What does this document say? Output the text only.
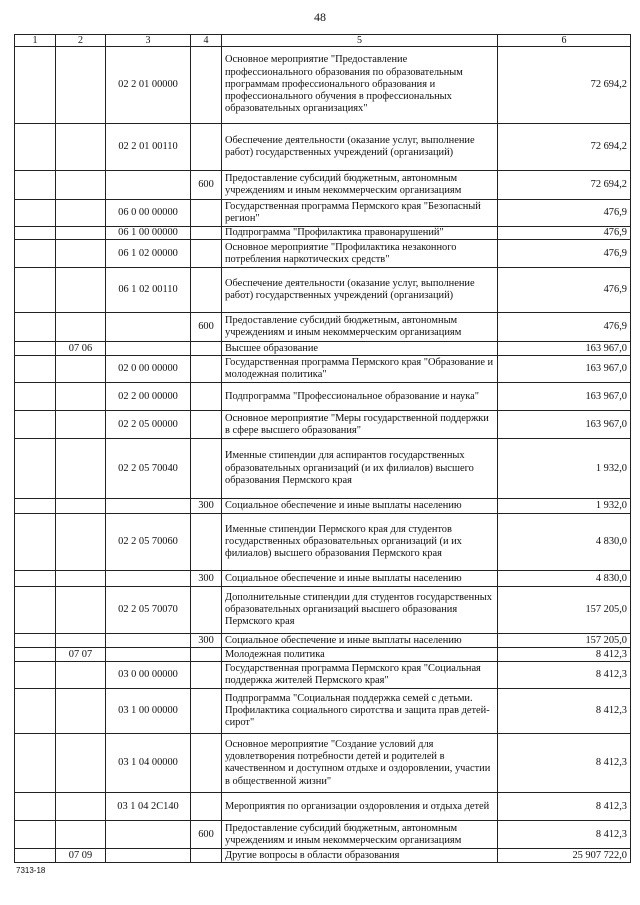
48
1	2	3	4	5	6
		02 2 01 00000		Основное мероприятие "Предоставление профессионального образования по образовательным программам профессионального образования и профессионального обучения в профессиональных образовательных организациях"	72 694,2
		02 2 01 00110		Обеспечение деятельности (оказание услуг, выполнение работ) государственных учреждений (организаций)	72 694,2
			600	Предоставление субсидий бюджетным, автономным учреждениям и иным некоммерческим организациям	72 694,2
		06 0 00 00000		Государственная программа Пермского края "Безопасный регион"	476,9
		06 1 00 00000		Подпрограмма "Профилактика правонарушений"	476,9
		06 1 02 00000		Основное мероприятие "Профилактика незаконного потребления наркотических средств"	476,9
		06 1 02 00110		Обеспечение деятельности (оказание услуг, выполнение работ) государственных учреждений (организаций)	476,9
			600	Предоставление субсидий бюджетным, автономным учреждениям и иным некоммерческим организациям	476,9
	07 06			Высшее образование	163 967,0
		02 0 00 00000		Государственная программа Пермского края "Образование и молодежная политика"	163 967,0
		02 2 00 00000		Подпрограмма "Профессиональное образование и наука"	163 967,0
		02 2 05 00000		Основное мероприятие "Меры государственной поддержки в сфере высшего образования"	163 967,0
		02 2 05 70040		Именные стипендии для аспирантов государственных образовательных организаций (и их филиалов) высшего образования Пермского края	1 932,0
			300	Социальное обеспечение и иные выплаты населению	1 932,0
		02 2 05 70060		Именные стипендии Пермского края для студентов государственных образовательных организаций (и их филиалов) высшего образования Пермского края	4 830,0
			300	Социальное обеспечение и иные выплаты населению	4 830,0
		02 2 05 70070		Дополнительные стипендии для студентов государственных образовательных организаций высшего образования Пермского края	157 205,0
			300	Социальное обеспечение и иные выплаты населению	157 205,0
	07 07			Молодежная политика	8 412,3
		03 0 00 00000		Государственная программа Пермского края "Социальная поддержка жителей Пермского края"	8 412,3
		03 1 00 00000		Подпрограмма "Социальная поддержка семей с детьми. Профилактика социального сиротства и защита прав детей-сирот"	8 412,3
		03 1 04 00000		Основное мероприятие "Создание условий для удовлетворения потребности детей и родителей в качественном и доступном отдыхе и оздоровлении, участии в общественной жизни"	8 412,3
		03 1 04 2С140		Мероприятия по организации оздоровления и отдыха детей	8 412,3
			600	Предоставление субсидий бюджетным, автономным учреждениям и иным некоммерческим организациям	8 412,3
	07 09			Другие вопросы в области образования	25 907 722,0
7313-18
